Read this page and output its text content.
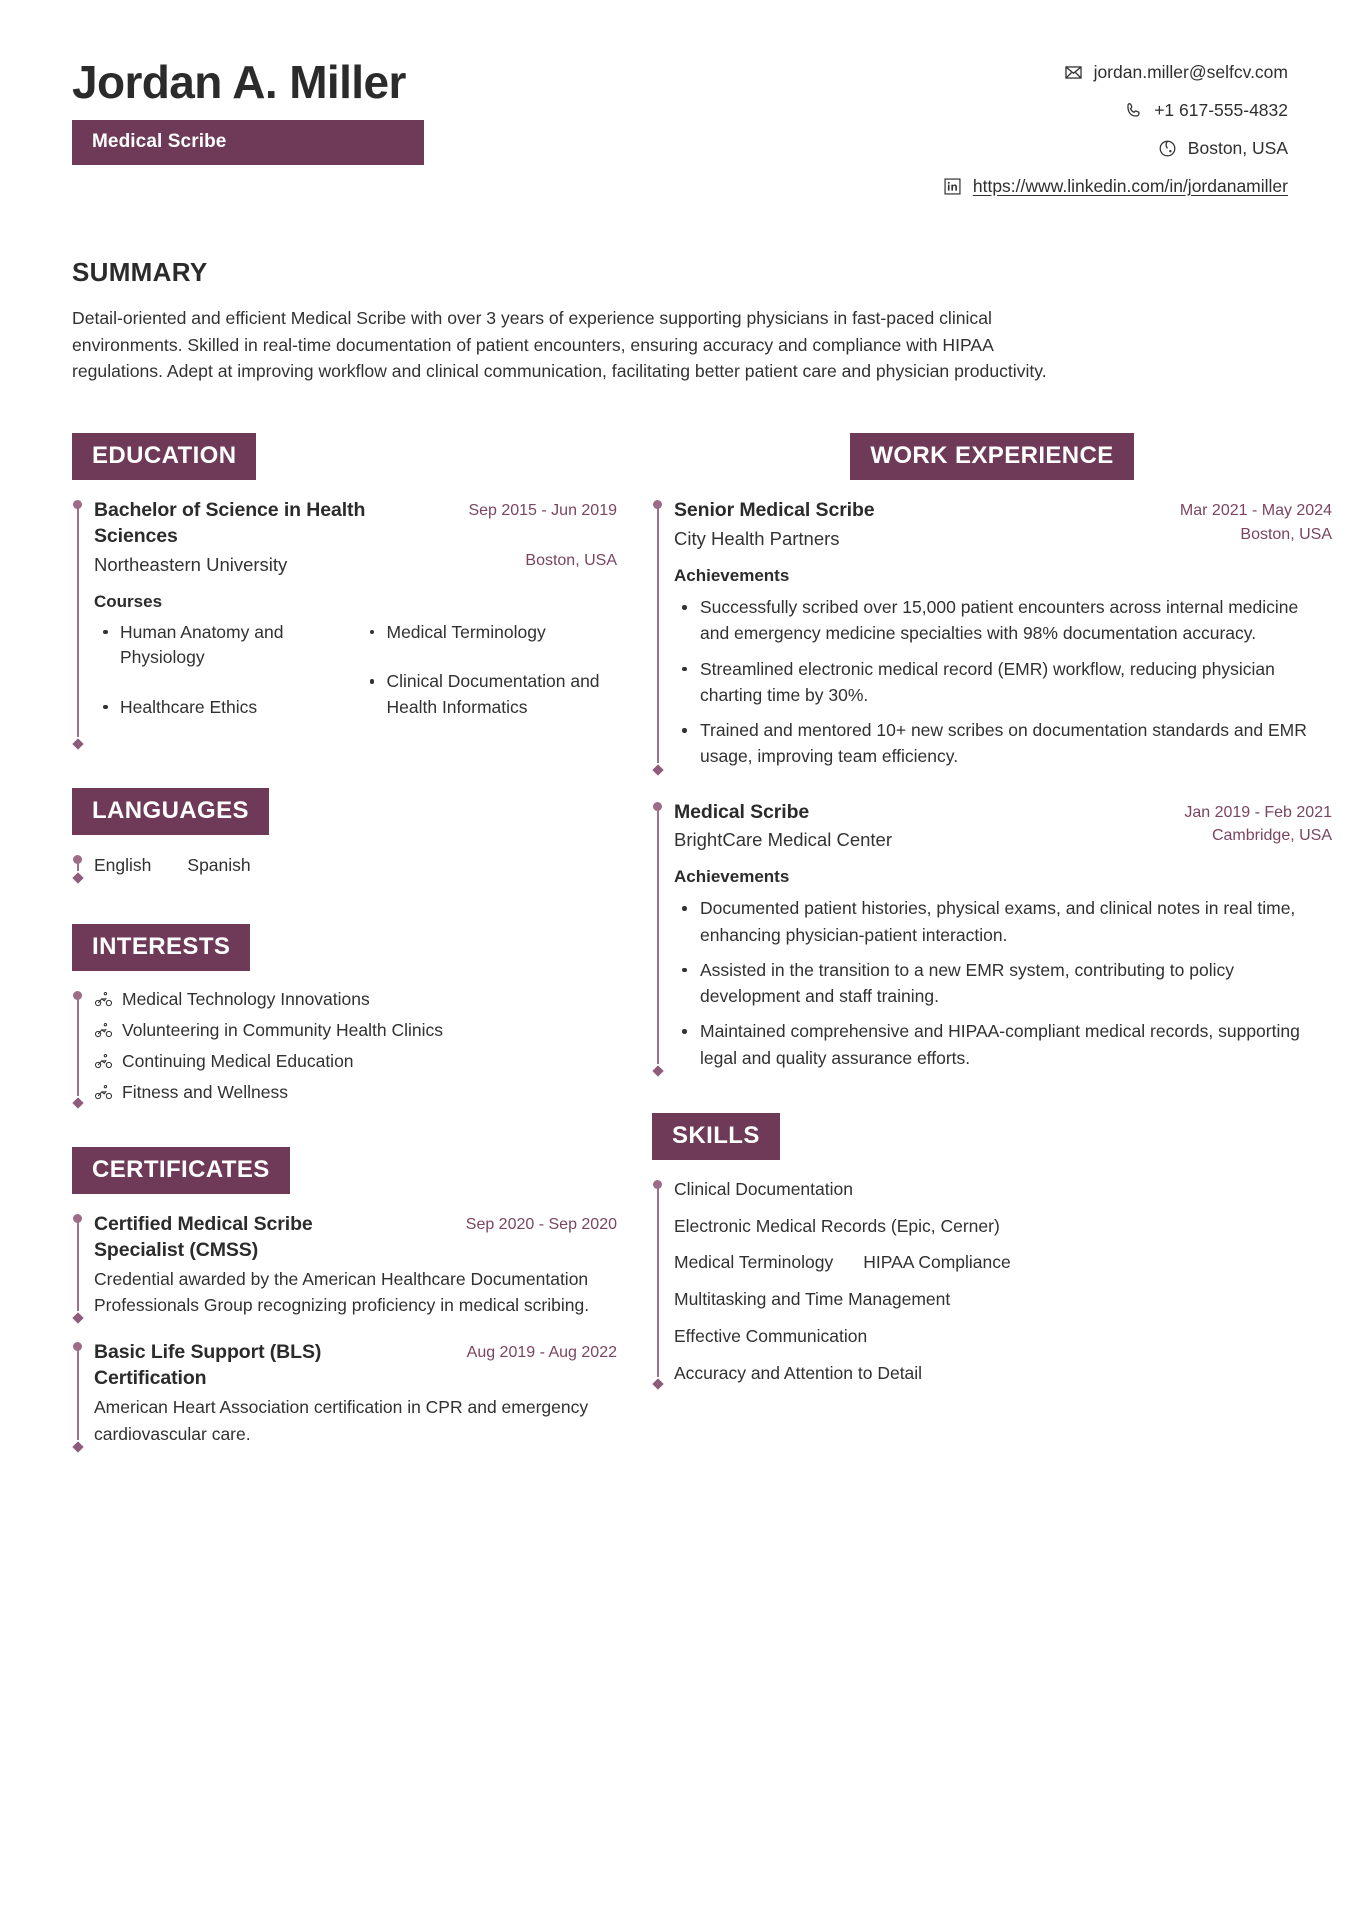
Jordan A. Miller
Medical Scribe
jordan.miller@selfcv.com
+1 617-555-4832
Boston, USA
https://www.linkedin.com/in/jordanamiller
SUMMARY
Detail-oriented and efficient Medical Scribe with over 3 years of experience supporting physicians in fast-paced clinical environments. Skilled in real-time documentation of patient encounters, ensuring accuracy and compliance with HIPAA regulations. Adept at improving workflow and clinical communication, facilitating better patient care and physician productivity.
EDUCATION
Bachelor of Science in Health Sciences
Sep 2015 - Jun 2019
Northeastern University	Boston, USA
Courses
Human Anatomy and Physiology
Healthcare Ethics
Medical Terminology
Clinical Documentation and Health Informatics
LANGUAGES
English Spanish
INTERESTS
Medical Technology Innovations
Volunteering in Community Health Clinics
Continuing Medical Education
Fitness and Wellness
CERTIFICATES
Certified Medical Scribe Specialist (CMSS)
Sep 2020 - Sep 2020
Credential awarded by the American Healthcare Documentation Professionals Group recognizing proficiency in medical scribing.
Basic Life Support (BLS) Certification
Aug 2019 - Aug 2022
American Heart Association certification in CPR and emergency cardiovascular care.
WORK EXPERIENCE
Senior Medical Scribe	Mar 2021 - May 2024
City Health Partners	Boston, USA
Achievements
Successfully scribed over 15,000 patient encounters across internal medicine and emergency medicine specialties with 98% documentation accuracy.
Streamlined electronic medical record (EMR) workflow, reducing physician charting time by 30%.
Trained and mentored 10+ new scribes on documentation standards and EMR usage, improving team efficiency.
Medical Scribe	Jan 2019 - Feb 2021
BrightCare Medical Center	Cambridge, USA
Achievements
Documented patient histories, physical exams, and clinical notes in real time, enhancing physician-patient interaction.
Assisted in the transition to a new EMR system, contributing to policy development and staff training.
Maintained comprehensive and HIPAA-compliant medical records, supporting legal and quality assurance efforts.
SKILLS
Clinical Documentation
Electronic Medical Records (Epic, Cerner)
Medical Terminology HIPAA Compliance
Multitasking and Time Management
Effective Communication
Accuracy and Attention to Detail
